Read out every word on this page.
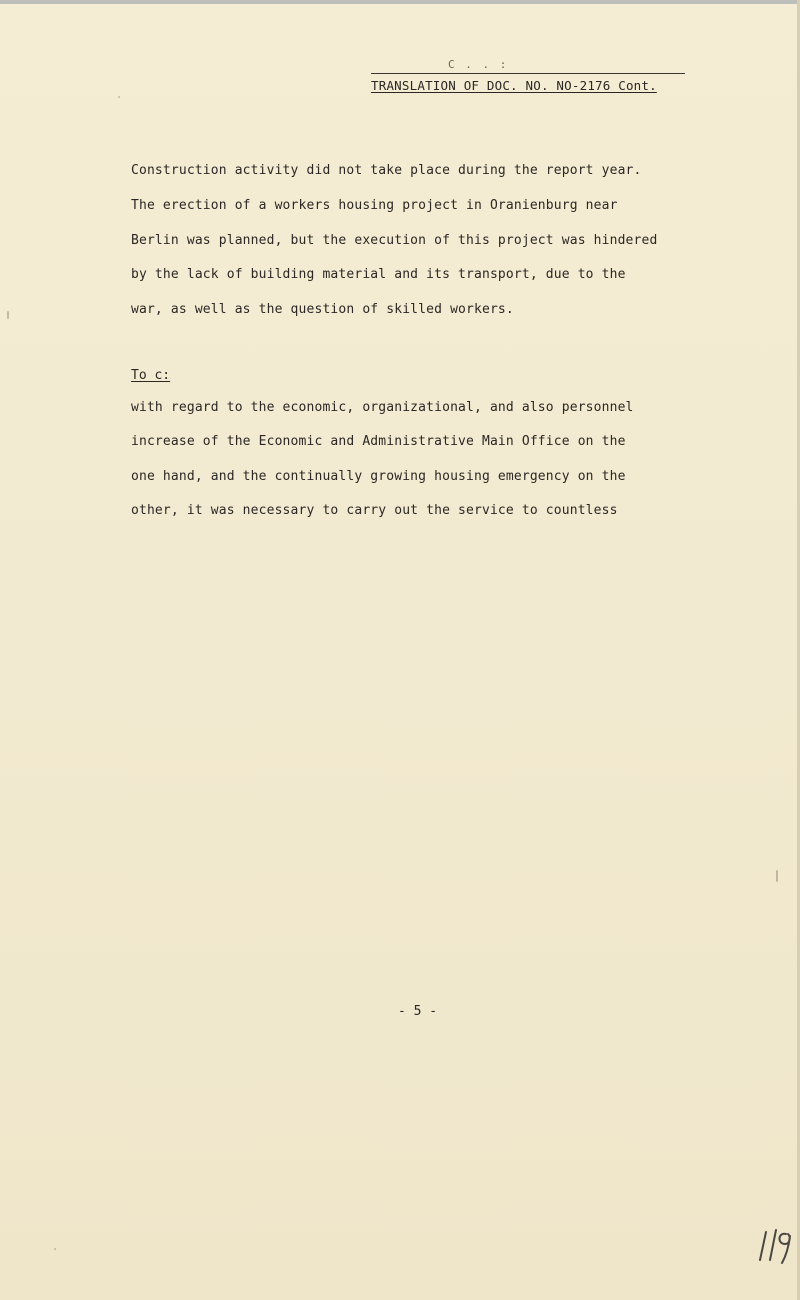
C . . :
TRANSLATION OF DOC. NO. NO-2176 Cont.
Construction activity did not take place during the report year.
The erection of a workers housing project in Oranienburg near
Berlin was planned, but the execution of this project was hindered
by the lack of building material and its transport, due to the
war, as well as the question of skilled workers.
To c:
with regard to the economic, organizational, and also personnel
increase of the Economic and Administrative Main Office on the
one hand, and the continually growing housing emergency on the
other, it was necessary to carry out the service to countless
- 5 -
